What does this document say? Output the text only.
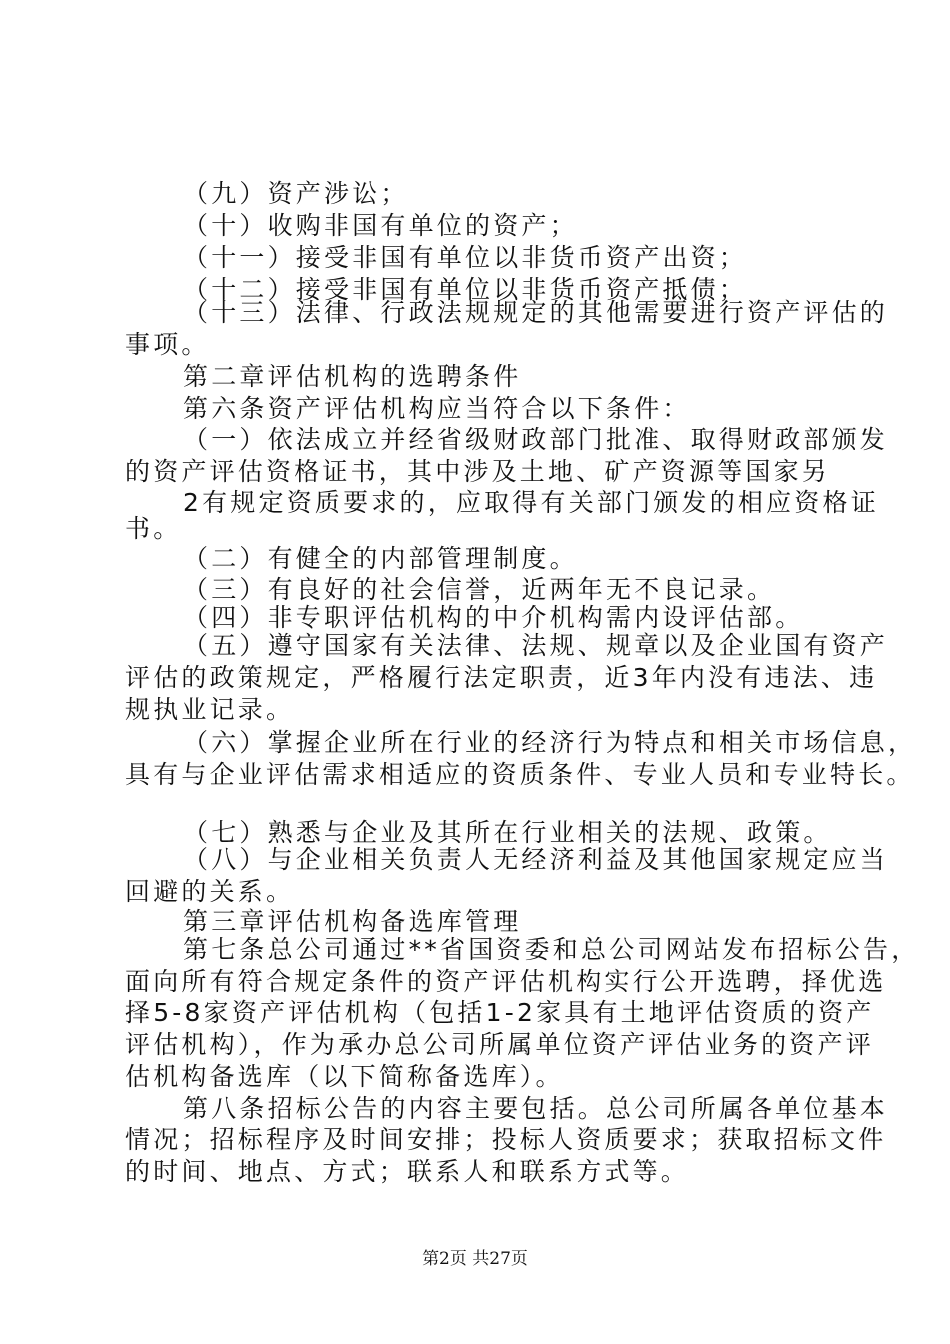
（九）资产涉讼；
（十）收购非国有单位的资产；
（十一）接受非国有单位以非货币资产出资；
（十二）接受非国有单位以非货币资产抵债；
（十三）法律、行政法规规定的其他需要进行资产评估的
事项。
第二章评估机构的选聘条件
第六条资产评估机构应当符合以下条件：
（一）依法成立并经省级财政部门批准、取得财政部颁发
的资产评估资格证书，其中涉及土地、矿产资源等国家另
2有规定资质要求的，应取得有关部门颁发的相应资格证
书。
（二）有健全的内部管理制度。
（三）有良好的社会信誉，近两年无不良记录。
（四）非专职评估机构的中介机构需内设评估部。
（五）遵守国家有关法律、法规、规章以及企业国有资产
评估的政策规定，严格履行法定职责，近3年内没有违法、违
规执业记录。
（六）掌握企业所在行业的经济行为特点和相关市场信息，
具有与企业评估需求相适应的资质条件、专业人员和专业特长。
（七）熟悉与企业及其所在行业相关的法规、政策。
（八）与企业相关负责人无经济利益及其他国家规定应当
回避的关系。
第三章评估机构备选库管理
第七条总公司通过**省国资委和总公司网站发布招标公告，
面向所有符合规定条件的资产评估机构实行公开选聘，择优选
择5-8家资产评估机构（包括1-2家具有土地评估资质的资产
评估机构），作为承办总公司所属单位资产评估业务的资产评
估机构备选库（以下简称备选库）。
第八条招标公告的内容主要包括。总公司所属各单位基本
情况；招标程序及时间安排；投标人资质要求；获取招标文件
的时间、地点、方式；联系人和联系方式等。
第2页 共27页
